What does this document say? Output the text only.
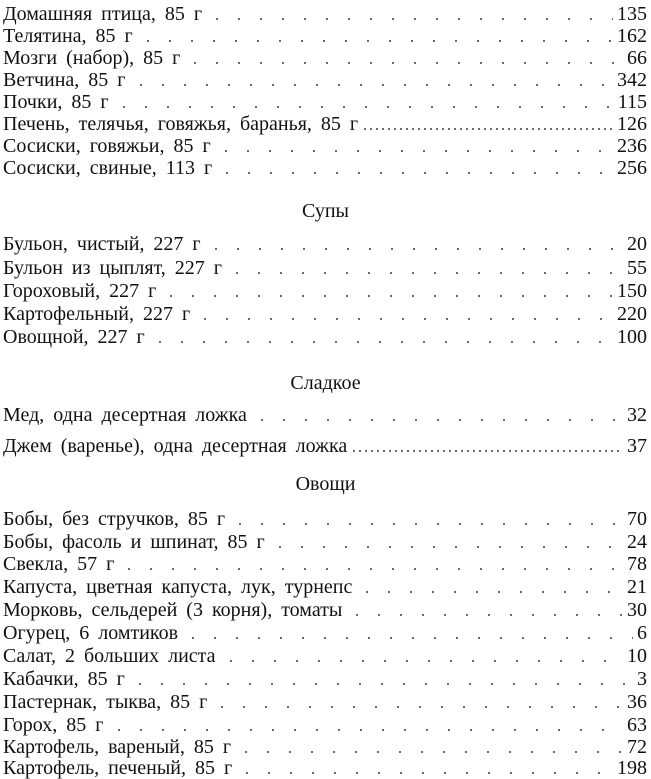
Домашняя птица, 85 г	135
Телятина, 85 г	162
Мозги (набор), 85 г	66
Ветчина, 85 г	342
Почки, 85 г	115
Печень, телячья, говяжья, баранья, 85 г	126
Сосиски, говяжьи, 85 г	236
Сосиски, свиные, 113 г	256
Супы
Бульон, чистый, 227 г	20
Бульон из цыплят, 227 г	55
Гороховый, 227 г	150
Картофельный, 227 г	220
Овощной, 227 г	100
Сладкое
Мед, одна десертная ложка	32
Джем (варенье), одна десертная ложка	37
Овощи
Бобы, без стручков, 85 г	70
Бобы, фасоль и шпинат, 85 г	24
Свекла, 57 г	78
Капуста, цветная капуста, лук, турнепс	21
Морковь, сельдерей (3 корня), томаты	30
Огурец, 6 ломтиков	6
Салат, 2 больших листа	10
Кабачки, 85 г	3
Пастернак, тыква, 85 г	36
Горох, 85 г	63
Картофель, вареный, 85 г	72
Картофель, печеный, 85 г	198
